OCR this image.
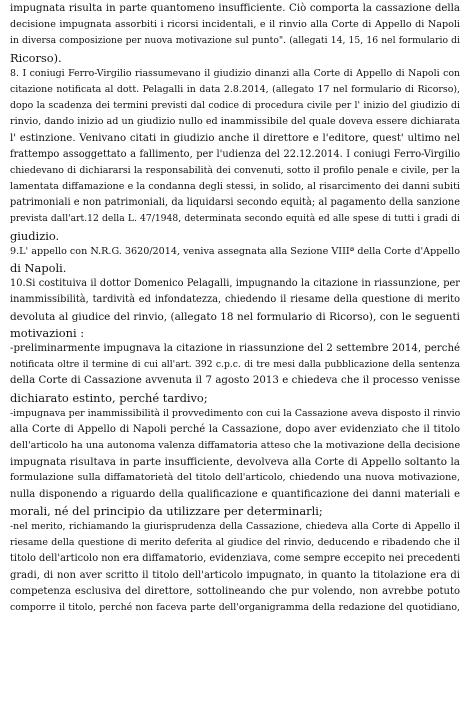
impugnata risulta in parte quantomeno insufficiente. Ciò comporta la cassazione della
decisione impugnata assorbiti i ricorsi incidentali, e il rinvio alla Corte di Appello di Napoli
in diversa composizione per nuova motivazione sul punto". (allegati 14, 15, 16 nel formulario di
Ricorso).
8. I coniugi Ferro-Virgilio riassumevano il giudizio dinanzi alla Corte di Appello di Napoli con
citazione notificata al dott. Pelagalli in data 2.8.2014, (allegato 17 nel formulario di Ricorso),
dopo la scadenza dei termini previsti dal codice di procedura civile per l' inizio del giudizio di
rinvio, dando inizio ad un giudizio nullo ed inammissibile del quale doveva essere dichiarata
l' estinzione. Venivano citati in giudizio anche il direttore e l'editore, quest' ultimo nel
frattempo assoggettato a fallimento, per l'udienza del 22.12.2014. I coniugi Ferro-Virgilio
chiedevano di dichiararsi la responsabilità dei convenuti, sotto il profilo penale e civile, per la
lamentata diffamazione e la condanna degli stessi, in solido, al risarcimento dei danni subiti
patrimoniali e non patrimoniali, da liquidarsi secondo equità; al pagamento della sanzione
prevista dall'art.12 della L. 47/1948, determinata secondo equità ed alle spese di tutti i gradi di
giudizio.
9.L' appello con N.R.G. 3620/2014, veniva assegnata alla Sezione VIIIª della Corte d'Appello
di Napoli.
10.Si costituiva il dottor Domenico Pelagalli, impugnando la citazione in riassunzione, per
inammissibilità, tardività ed infondatezza, chiedendo il riesame della questione di merito
devoluta al giudice del rinvio, (allegato 18 nel formulario di Ricorso), con le seguenti
motivazioni :
-preliminarmente impugnava la citazione in riassunzione del 2 settembre 2014, perché
notificata oltre il termine di cui all'art. 392 c.p.c. di tre mesi dalla pubblicazione della sentenza
della Corte di Cassazione avvenuta il 7 agosto 2013 e chiedeva che il processo venisse
dichiarato estinto, perché tardivo;
-impugnava per inammissibilità il provvedimento con cui la Cassazione aveva disposto il rinvio
alla Corte di Appello di Napoli perché la Cassazione, dopo aver evidenziato che il titolo
dell'articolo ha una autonoma valenza diffamatoria atteso che la motivazione della decisione
impugnata risultava in parte insufficiente, devolveva alla Corte di Appello soltanto la
formulazione sulla diffamatorietà del titolo dell'articolo, chiedendo una nuova motivazione,
nulla disponendo a riguardo della qualificazione e quantificazione dei danni materiali e
morali, né del principio da utilizzare per determinarli;
-nel merito, richiamando la giurisprudenza della Cassazione, chiedeva alla Corte di Appello il
riesame della questione di merito deferita al giudice del rinvio, deducendo e ribadendo che il
titolo dell'articolo non era diffamatorio, evidenziava, come sempre eccepito nei precedenti
gradi, di non aver scritto il titolo dell'articolo impugnato, in quanto la titolazione era di
competenza esclusiva del direttore, sottolineando che pur volendo, non avrebbe potuto
comporre il titolo, perché non faceva parte dell'organigramma della redazione del quotidiano,
